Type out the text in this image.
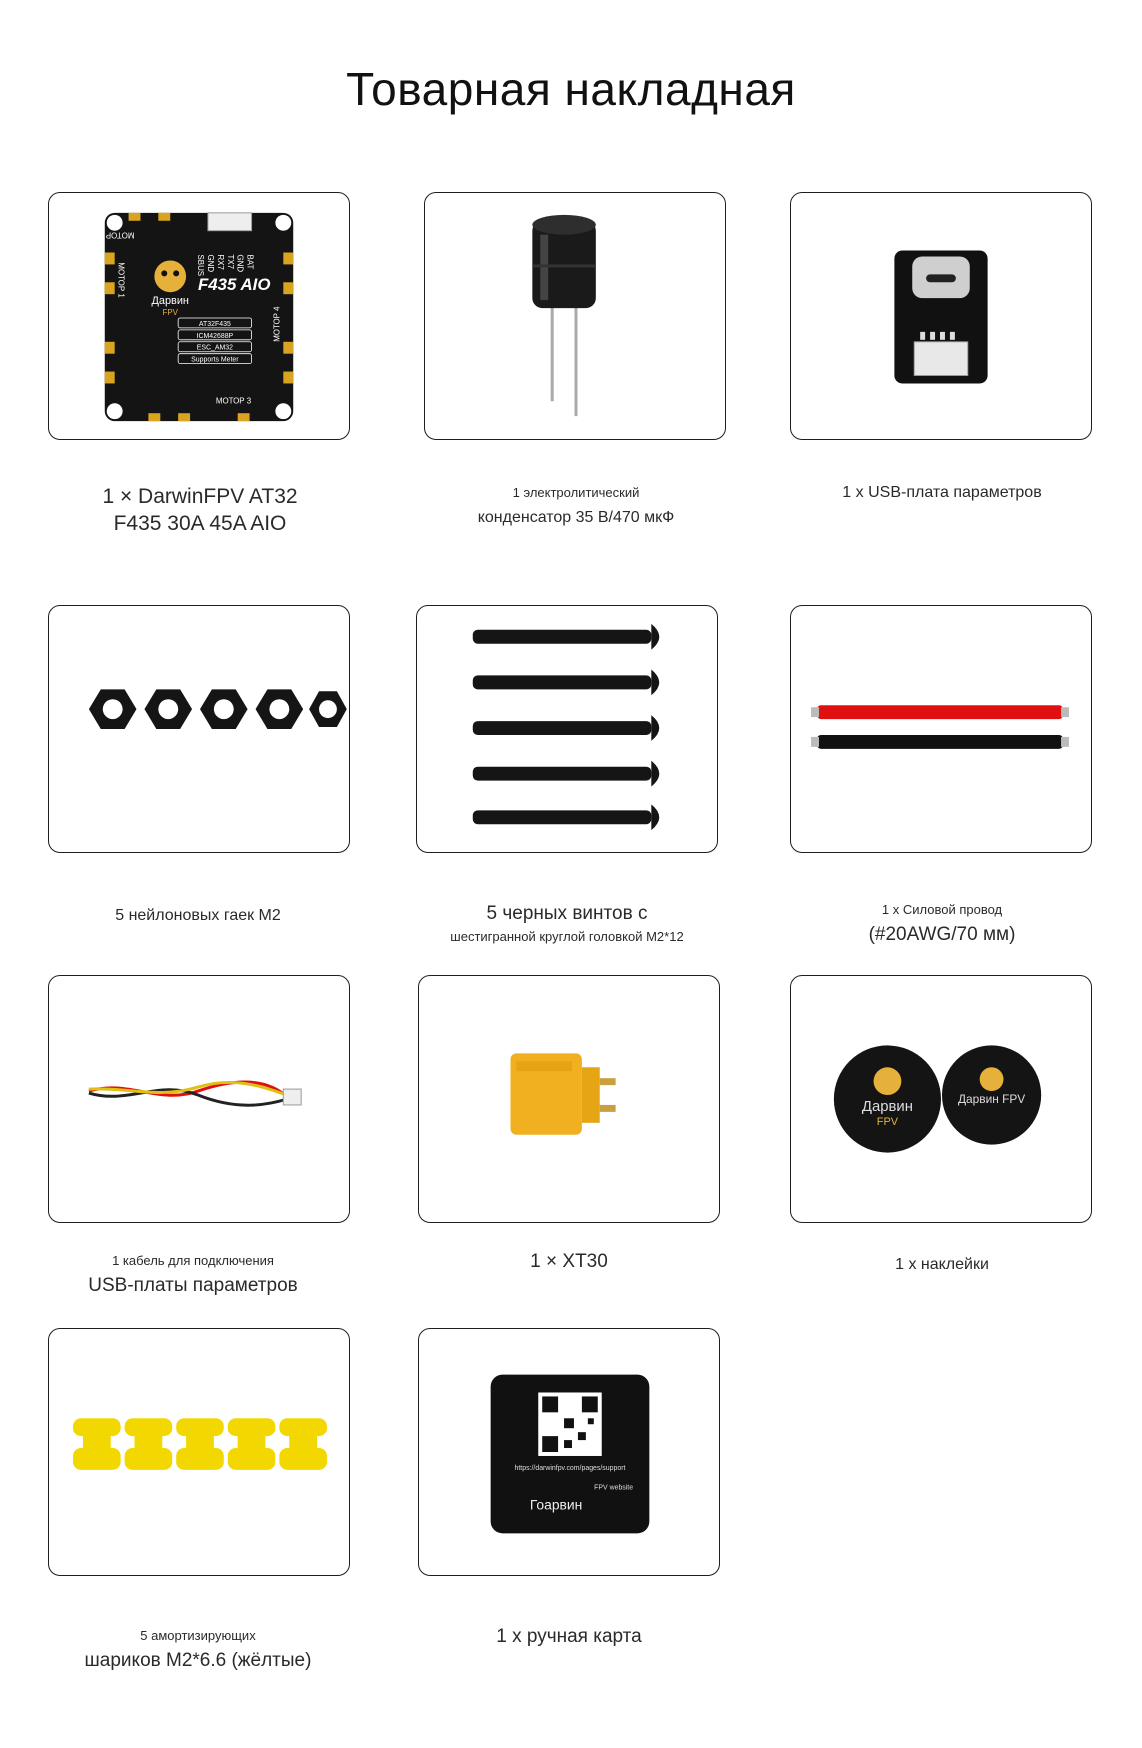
Товарная накладная
Дарвин
FPV
F435 AIO
AT32F435
ICM42688P
ESC_AM32
Supports Meter
МОТОР 2
МОТОР 1
МОТОР 4
МОТОР 3
BAT
GND
TX7
RX7
GND
SBUS
1 × DarwinFPV AT32
F435 30A 45A AIO
1 электролитический
конденсатор 35 В/470 мкФ
1 x USB-плата параметров
5 нейлоновых гаек M2	5 черных винтов с
шестигранной круглой головкой M2*12
1 x Силовой провод
(#20AWG/70 мм)
1 кабель для подключения
USB-платы параметров
1 × XT30
Дарвин
FPV
Дарвин FPV
1 x наклейки
5 амортизирующих
шариков M2*6.6 (жёлтые)
https://darwinfpv.com/pages/support
FPV website
Гоарвин
1 x ручная карта
